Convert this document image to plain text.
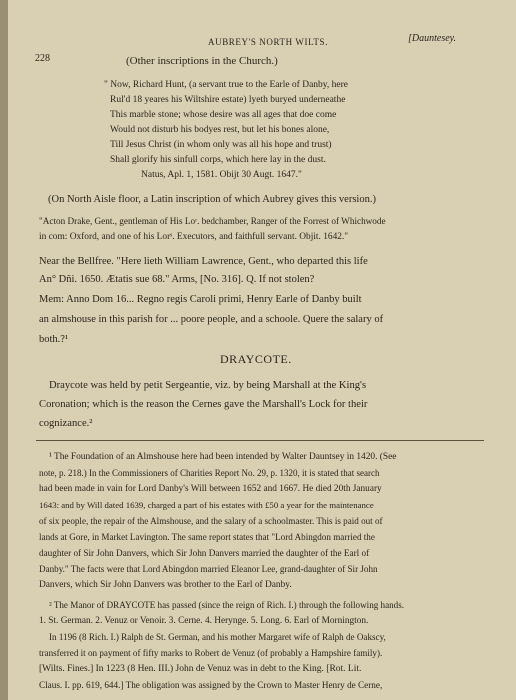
228
AUBREY'S NORTH WILTS.	[Dauntesey.
(Other inscriptions in the Church.)
" Now, Richard Hunt, (a servant true to the Earle of Danby, here
Rul'd 18 yeares his Wiltshire estate) lyeth buryed underneathe
This marble stone; whose desire was all ages that doe come
Would not disturb his bodyes rest, but let his bones alone,
Till Jesus Christ (in whom only was all his hope and trust)
Shall glorify his sinfull corps, which here lay in the dust.
Natus, Apl. 1, 1581. Obijt 30 Augt. 1647."
(On North Aisle floor, a Latin inscription of which Aubrey gives this version.)
"Acton Drake, Gent., gentleman of His Loʳ. bedchamber, Ranger of the Forrest of Whichwode
in com: Oxford, and one of his Lorˢ. Executors, and faithfull servant. Objit. 1642."
Near the Bellfree. "Here lieth William Lawrence, Gent., who departed this life
An° Dñi. 1650. Ætatis sue 68." Arms, [No. 316]. Q. If not stolen?
Mem: Anno Dom 16... Regno regis Caroli primi, Henry Earle of Danby built
an almshouse in this parish for ... poore people, and a schoole. Quere the salary of
both.?¹
DRAYCOTE.
Draycote was held by petit Sergeantie, viz. by being Marshall at the King's
Coronation; which is the reason the Cernes gave the Marshall's Lock for their
cognizance.²
¹ The Foundation of an Almshouse here had been intended by Walter Dauntsey in 1420. (See
note, p. 218.) In the Commissioners of Charities Report No. 29, p. 1320, it is stated that search
had been made in vain for Lord Danby's Will between 1652 and 1667. He died 20th January
1643: and by Will dated 1639, charged a part of his estates with £50 a year for the maintenance
of six people, the repair of the Almshouse, and the salary of a schoolmaster. This is paid out of
lands at Gore, in Market Lavington. The same report states that "Lord Abingdon married the
daughter of Sir John Danvers, which Sir John Danvers married the daughter of the Earl of
Danby." The facts were that Lord Abingdon married Eleanor Lee, grand-daughter of Sir John
Danvers, which Sir John Danvers was brother to the Earl of Danby.
² The Manor of DRAYCOTE has passed (since the reign of Rich. I.) through the following hands.
1. St. German. 2. Venuz or Venoir. 3. Cerne. 4. Heryngе. 5. Long. 6. Earl of Mornington.
In 1196 (8 Rich. I.) Ralph de St. German, and his mother Margaret wife of Ralph de Oakscy,
transferred it on payment of fifty marks to Robert de Venuz (of probably a Hampshire family).
[Wilts. Fines.] In 1223 (8 Hen. III.) John de Venuz was in debt to the King. [Rot. Lit.
Claus. I. pp. 619, 644.] The obligation was assigned by the Crown to Master Henry de Cerne,
